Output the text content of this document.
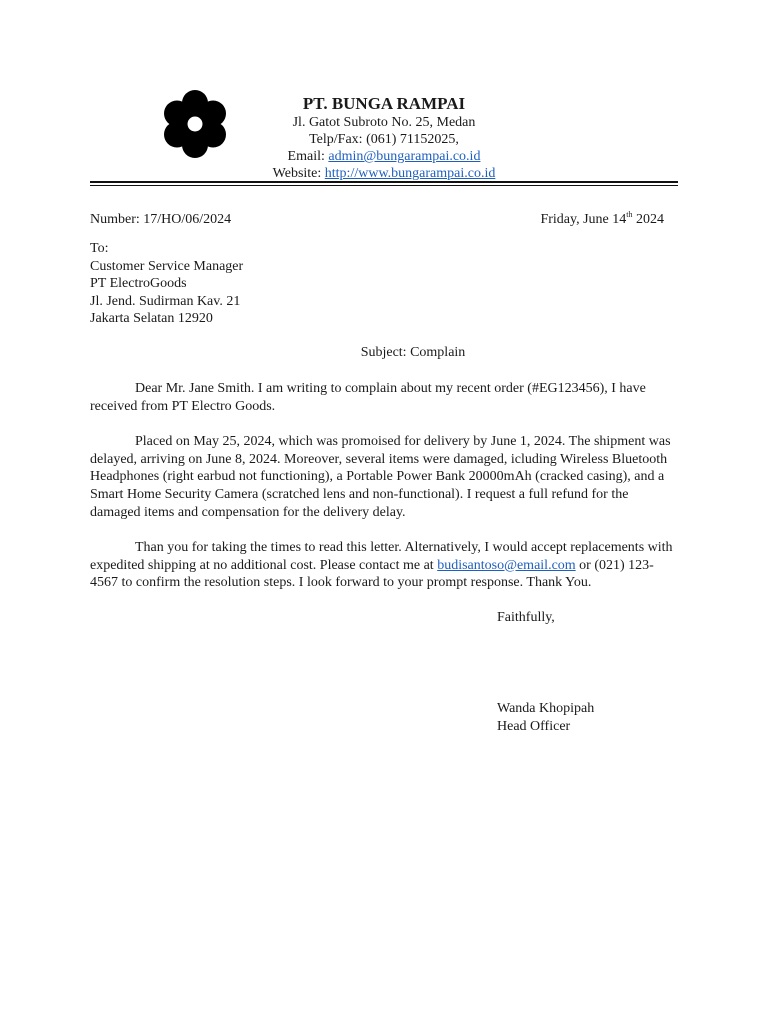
PT. BUNGA RAMPAI
Jl. Gatot Subroto No. 25, Medan
Telp/Fax: (061) 71152025,
Email: admin@bungarampai.co.id
Website: http://www.bungarampai.co.id
Number: 17/HO/06/2024	Friday, June 14th 2024
To:
Customer Service Manager
PT ElectroGoods
Jl. Jend. Sudirman Kav. 21
Jakarta Selatan 12920
Subject: Complain

Dear Mr. Jane Smith. I am writing to complain about my recent order (#EG123456), I have received from PT Electro Goods.

Placed on May 25, 2024, which was promoised for delivery by June 1, 2024. The shipment was delayed, arriving on June 8, 2024. Moreover, several items were damaged, icluding Wireless Bluetooth Headphones (right earbud not functioning), a Portable Power Bank 20000mAh (cracked casing), and a Smart Home Security Camera (scratched lens and non-functional). I request a full refund for the damaged items and compensation for the delivery delay.

Than you for taking the times to read this letter. Alternatively, I would accept replacements with expedited shipping at no additional cost. Please contact me at budisantoso@email.com or (021) 123-4567 to confirm the resolution steps. I look forward to your prompt response. Thank You.

Faithfully,
Wanda Khopipah
Head Officer
